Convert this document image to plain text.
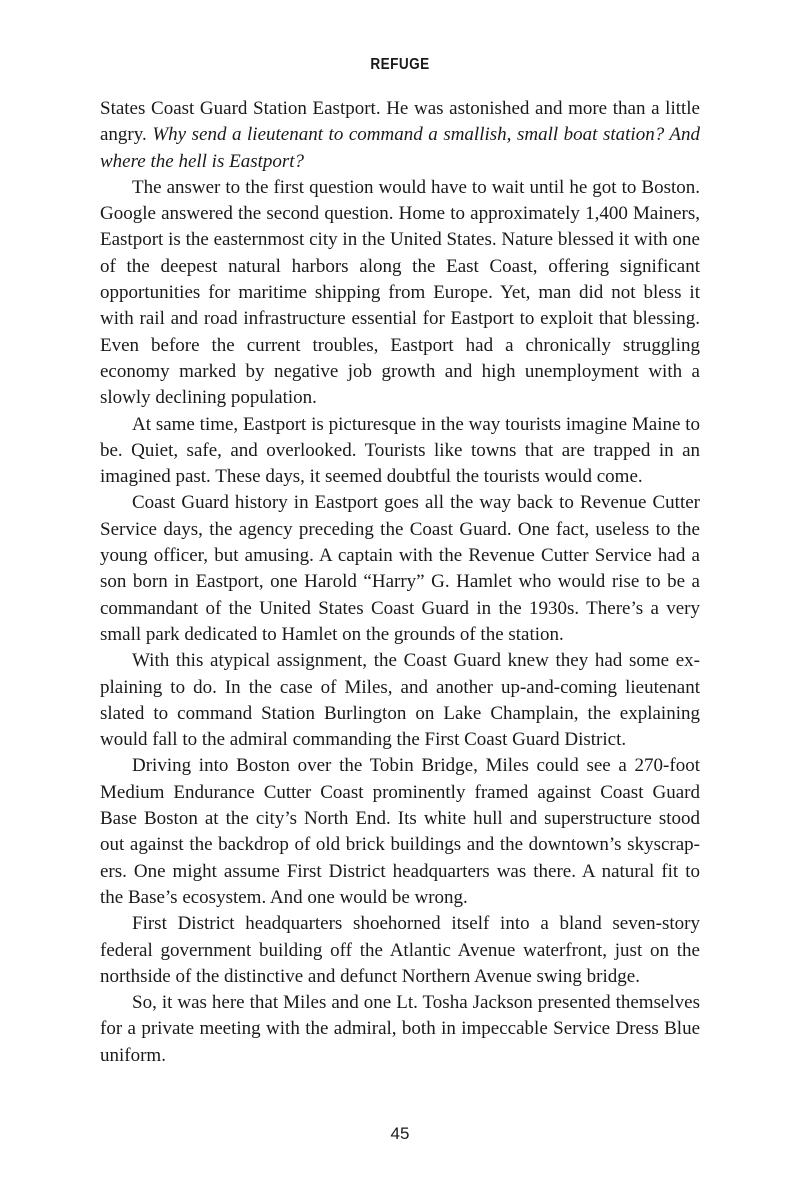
REFUGE

States Coast Guard Station Eastport. He was astonished and more than a little angry. Why send a lieutenant to command a smallish, small boat station? And where the hell is Eastport?

The answer to the first question would have to wait until he got to Boston. Google answered the second question. Home to approximately 1,400 Mainers, Eastport is the easternmost city in the United States. Nature blessed it with one of the deepest natural harbors along the East Coast, offering significant opportunities for maritime shipping from Europe. Yet, man did not bless it with rail and road infrastructure essential for Eastport to exploit that blessing. Even before the current troubles, Eastport had a chronically struggling economy marked by negative job growth and high unemployment with a slowly declining population.

At same time, Eastport is picturesque in the way tourists imagine Maine to be. Quiet, safe, and overlooked. Tourists like towns that are trapped in an imagined past. These days, it seemed doubtful the tourists would come.

Coast Guard history in Eastport goes all the way back to Revenue Cutter Service days, the agency preceding the Coast Guard. One fact, useless to the young officer, but amusing. A captain with the Revenue Cutter Service had a son born in Eastport, one Harold “Harry” G. Hamlet who would rise to be a commandant of the United States Coast Guard in the 1930s. There’s a very small park dedicated to Hamlet on the grounds of the station.

With this atypical assignment, the Coast Guard knew they had some explaining to do. In the case of Miles, and another up-and-coming lieutenant slated to command Station Burlington on Lake Champlain, the explaining would fall to the admiral commanding the First Coast Guard District.

Driving into Boston over the Tobin Bridge, Miles could see a 270-foot Medium Endurance Cutter Coast prominently framed against Coast Guard Base Boston at the city’s North End. Its white hull and superstructure stood out against the backdrop of old brick buildings and the downtown’s skyscrapers. One might assume First District headquarters was there. A natural fit to the Base’s ecosystem. And one would be wrong.

First District headquarters shoehorned itself into a bland seven-story federal government building off the Atlantic Avenue waterfront, just on the northside of the distinctive and defunct Northern Avenue swing bridge.

So, it was here that Miles and one Lt. Tosha Jackson presented themselves for a private meeting with the admiral, both in impeccable Service Dress Blue uniform.

45
